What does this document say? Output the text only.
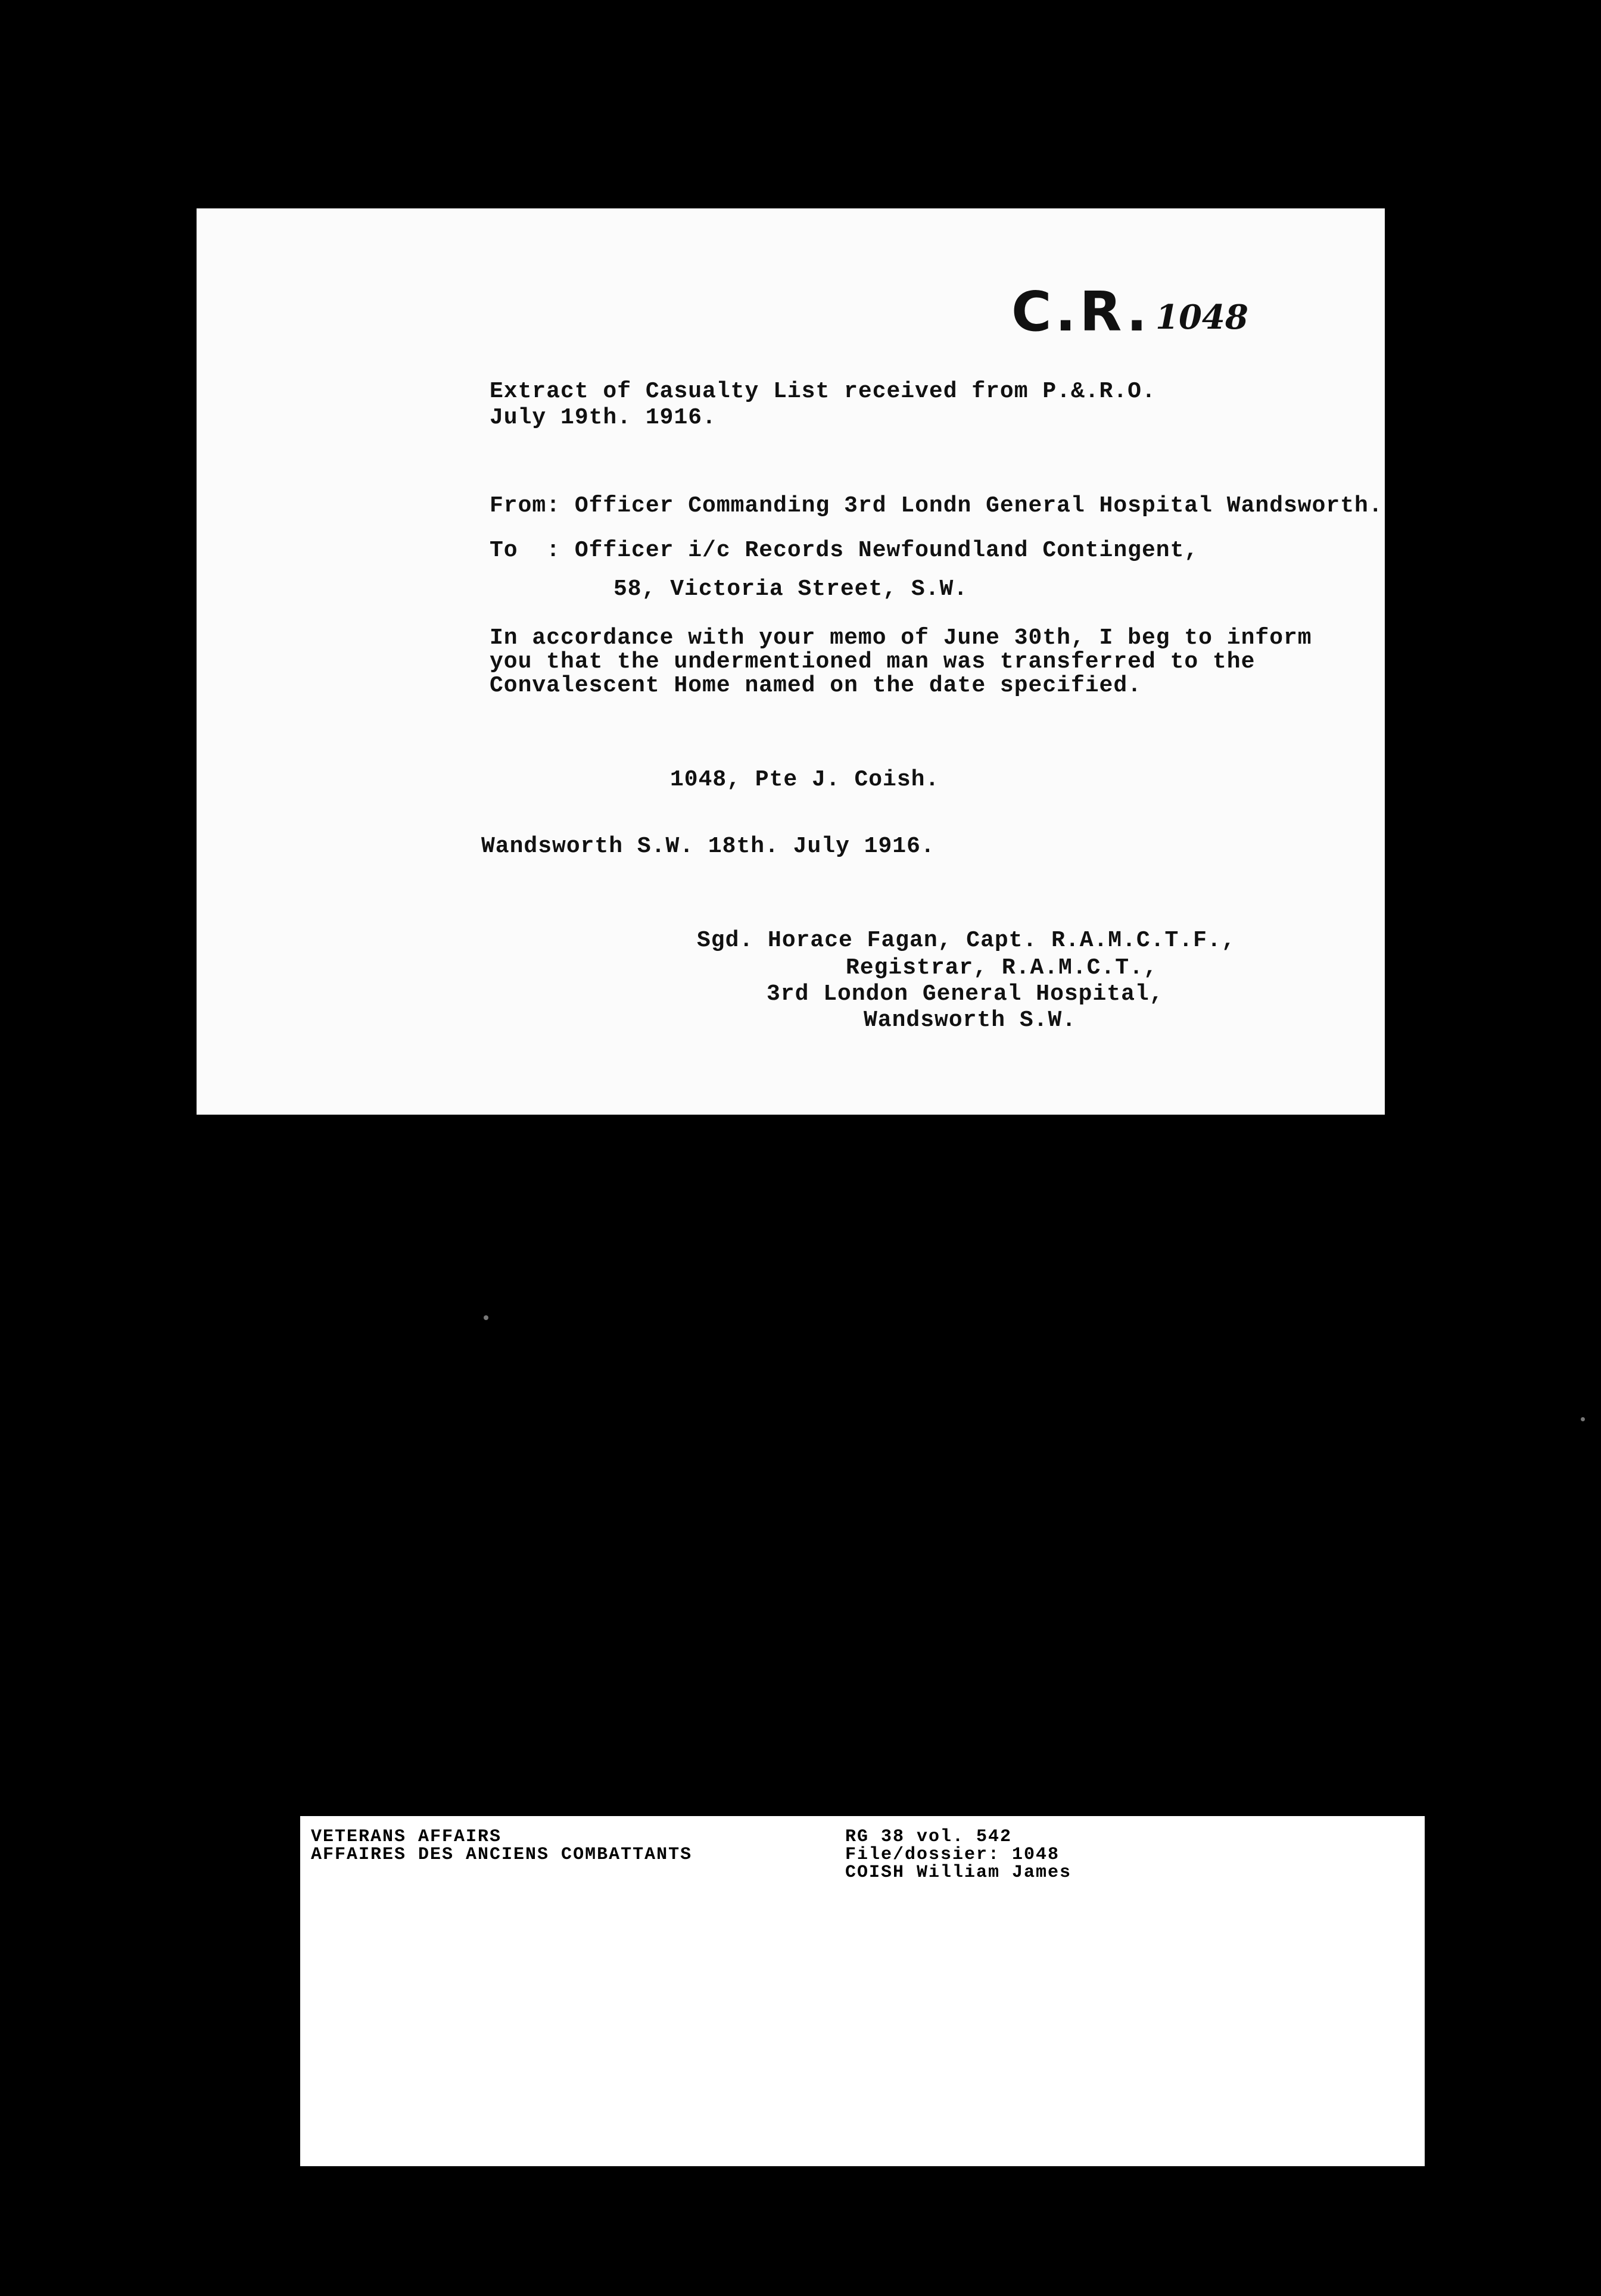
C.R. 1048
Extract of Casualty List received from P.&.R.O.
July 19th. 1916.
From: Officer Commanding 3rd Londn General Hospital Wandsworth.
To  : Officer i/c Records Newfoundland Contingent,
58, Victoria Street, S.W.
In accordance with your memo of June 30th, I beg to inform
you that the undermentioned man was transferred to the
Convalescent Home named on the date specified.
1048, Pte J. Coish.
Wandsworth S.W. 18th. July 1916.
Sgd. Horace Fagan, Capt. R.A.M.C.T.F.,
Registrar, R.A.M.C.T.,
3rd London General Hospital,
Wandsworth S.W.
VETERANS AFFAIRS
AFFAIRES DES ANCIENS COMBATTANTS
RG 38 vol. 542
File/dossier: 1048
COISH William James
